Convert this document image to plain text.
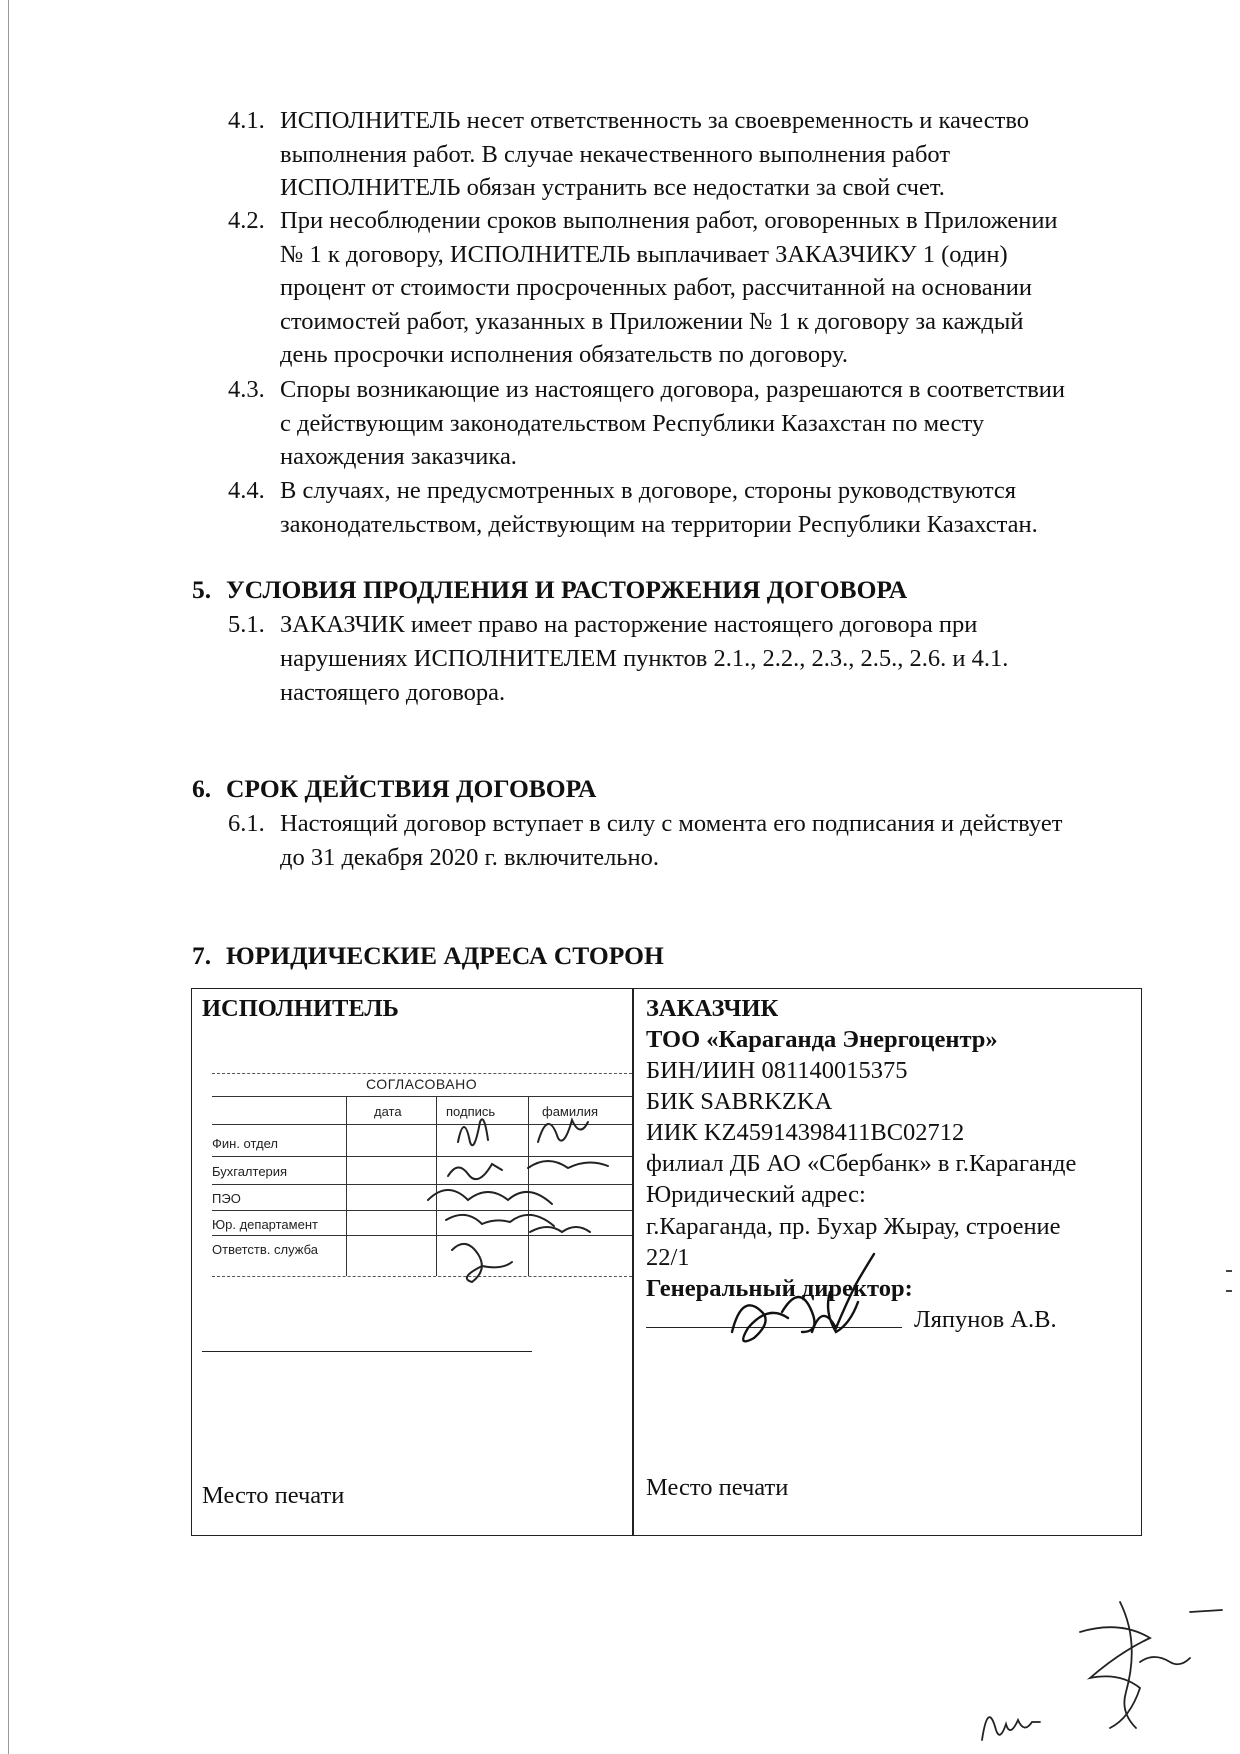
4.1. ИСПОЛНИТЕЛЬ несет ответственность за своевременность и качество
выполнения работ. В случае некачественного выполнения работ
ИСПОЛНИТЕЛЬ обязан устранить все недостатки за свой счет.
4.2. При несоблюдении сроков выполнения работ, оговоренных в Приложении
№ 1 к договору, ИСПОЛНИТЕЛЬ выплачивает ЗАКАЗЧИКУ 1 (один)
процент от стоимости просроченных работ, рассчитанной на основании
стоимостей работ, указанных в Приложении № 1 к договору за каждый
день просрочки исполнения обязательств по договору.
4.3. Споры возникающие из настоящего договора, разрешаются в соответствии
с действующим законодательством Республики Казахстан по месту
нахождения заказчика.
4.4. В случаях, не предусмотренных в договоре, стороны руководствуются
законодательством, действующим на территории Республики Казахстан.
5. УСЛОВИЯ ПРОДЛЕНИЯ И РАСТОРЖЕНИЯ ДОГОВОРА
5.1. ЗАКАЗЧИК имеет право на расторжение настоящего договора при
нарушениях ИСПОЛНИТЕЛЕМ пунктов 2.1., 2.2., 2.3., 2.5., 2.6. и 4.1.
настоящего договора.
6. СРОК ДЕЙСТВИЯ ДОГОВОРА
6.1. Настоящий договор вступает в силу с момента его подписания и действует
до 31 декабря 2020 г. включительно.
7. ЮРИДИЧЕСКИЕ АДРЕСА СТОРОН
ИСПОЛНИТЕЛЬ
Место печати
ЗАКАЗЧИК
ТОО «Караганда Энергоцентр»
БИН/ИИН 081140015375
БИК SABRKZKA
ИИК KZ45914398411BC02712
филиал ДБ АО «Сбербанк» в г.Караганде
Юридический адрес:
г.Караганда, пр. Бухар Жырау, строение
22/1
Генеральный директор:
Ляпунов А.В.
Место печати
СОГЛАСОВАНО
дата	подпись	фамилия
Фин. отдел
Бухгалтерия
ПЭО
Юр. департамент
Ответств. служба
